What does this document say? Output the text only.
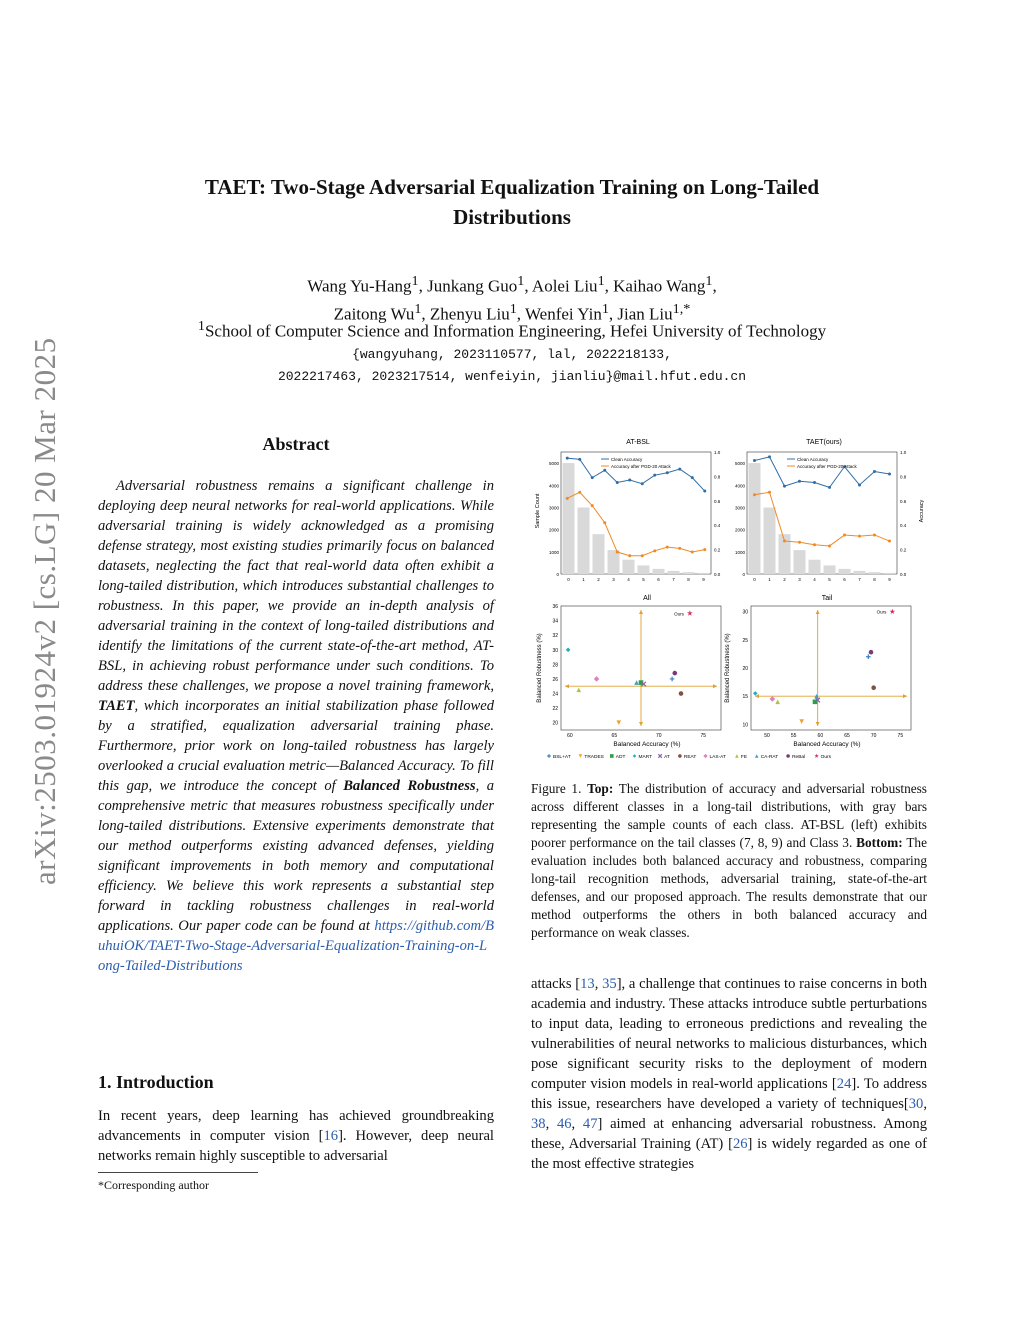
arXiv:2503.01924v2 [cs.LG] 20 Mar 2025
TAET: Two-Stage Adversarial Equalization Training on Long-Tailed
Distributions
Wang Yu-Hang$^1$, Junkang Guo$^1$, Aolei Liu$^1$, Kaihao Wang$^1$,
Zaitong Wu$^1$, Zhenyu Liu$^1$, Wenfei Yin$^1$, Jian Liu$^{1,*}$
$^1$School of Computer Science and Information Engineering, Hefei University of Technology
{wangyuhang, 2023110577, lal, 2022218133,
2022217463, 2023217514, wenfeiyin, jianliu}@mail.hfut.edu.cn
Abstract

Adversarial robustness remains a significant challenge in deploying deep neural networks for real-world applications. While adversarial training is widely acknowledged as a promising defense strategy, most existing studies primarily focus on balanced datasets, neglecting the fact that real-world data often exhibit a long-tailed distribution, which introduces substantial challenges to robustness. In this paper, we provide an in-depth analysis of adversarial training in the context of long-tailed distributions and identify the limitations of the current state-of-the-art method, AT-BSL, in achieving robust performance under such conditions. To address these challenges, we propose a novel training framework, TAET, which incorporates an initial stabilization phase followed by a stratified, equalization adversarial training phase. Furthermore, prior work on long-tailed robustness has largely overlooked a crucial evaluation metric—Balanced Accuracy. To fill this gap, we introduce the concept of Balanced Robustness, a comprehensive metric that measures robustness specifically under long-tailed distributions. Extensive experiments demonstrate that our method outperforms existing advanced defenses, yielding significant improvements in both memory and computational efficiency. We believe this work represents a substantial step forward in tackling robustness challenges in real-world applications. Our paper code can be found at https://github.com/BuhuiOK/TAET-Two-Stage-Adversarial-Equalization-Training-on-Long-Tailed-Distributions

1. Introduction
In recent years, deep learning has achieved groundbreaking advancements in computer vision [16]. However, deep neural networks remain highly susceptible to adversarial
*Corresponding author
0
1000
2000
3000
4000
5000
0.0
0.2
0.4
0.6
0.8
1.0
0	1	2	3	4	5	6	7	8	9
Clean Accuracy
Accuracy after PGD-20 Attack
0
1000
2000
3000
4000
5000
0.0
0.2
0.4
0.6
0.8
1.0
0	1	2	3	4	5	6	7	8	9
Clean Accuracy
Accuracy after PGD-20 Attack
AT-BSL	TAET(ours)
Sample Count	Accuracy
60	65	70	75
20
22
24
26
28
30
32
34
36
Ours
50	55	60	65	70	75
10
15
20
25
30	Ours
All	Tail
Balanced Accuracy (%)	Balanced Accuracy (%)
Balanced Robustness (%)	Balanced Robustness (%)
BSL+AT	TRADES ADT	MART	AT	REAT	LAS-AT	FE	CA-RAT	ReBal	Ours
Figure 1. Top: The distribution of accuracy and adversarial robustness across different classes in a long-tail distributions, with gray bars representing the sample counts of each class. AT-BSL (left) exhibits poorer performance on the tail classes (7, 8, 9) and Class 3. Bottom: The evaluation includes both balanced accuracy and robustness, comparing long-tail recognition methods, adversarial training, state-of-the-art defenses, and our proposed approach. The results demonstrate that our method outperforms the others in both balanced accuracy and performance on weak classes.
attacks [13, 35], a challenge that continues to raise concerns in both academia and industry. These attacks introduce subtle perturbations to input data, leading to erroneous predictions and revealing the vulnerabilities of neural networks to malicious disturbances, which pose significant security risks to the deployment of modern computer vision models in real-world applications [24]. To address this issue, researchers have developed a variety of techniques[30, 38, 46, 47] aimed at enhancing adversarial robustness. Among these, Adversarial Training (AT) [26] is widely regarded as one of the most effective strategies
